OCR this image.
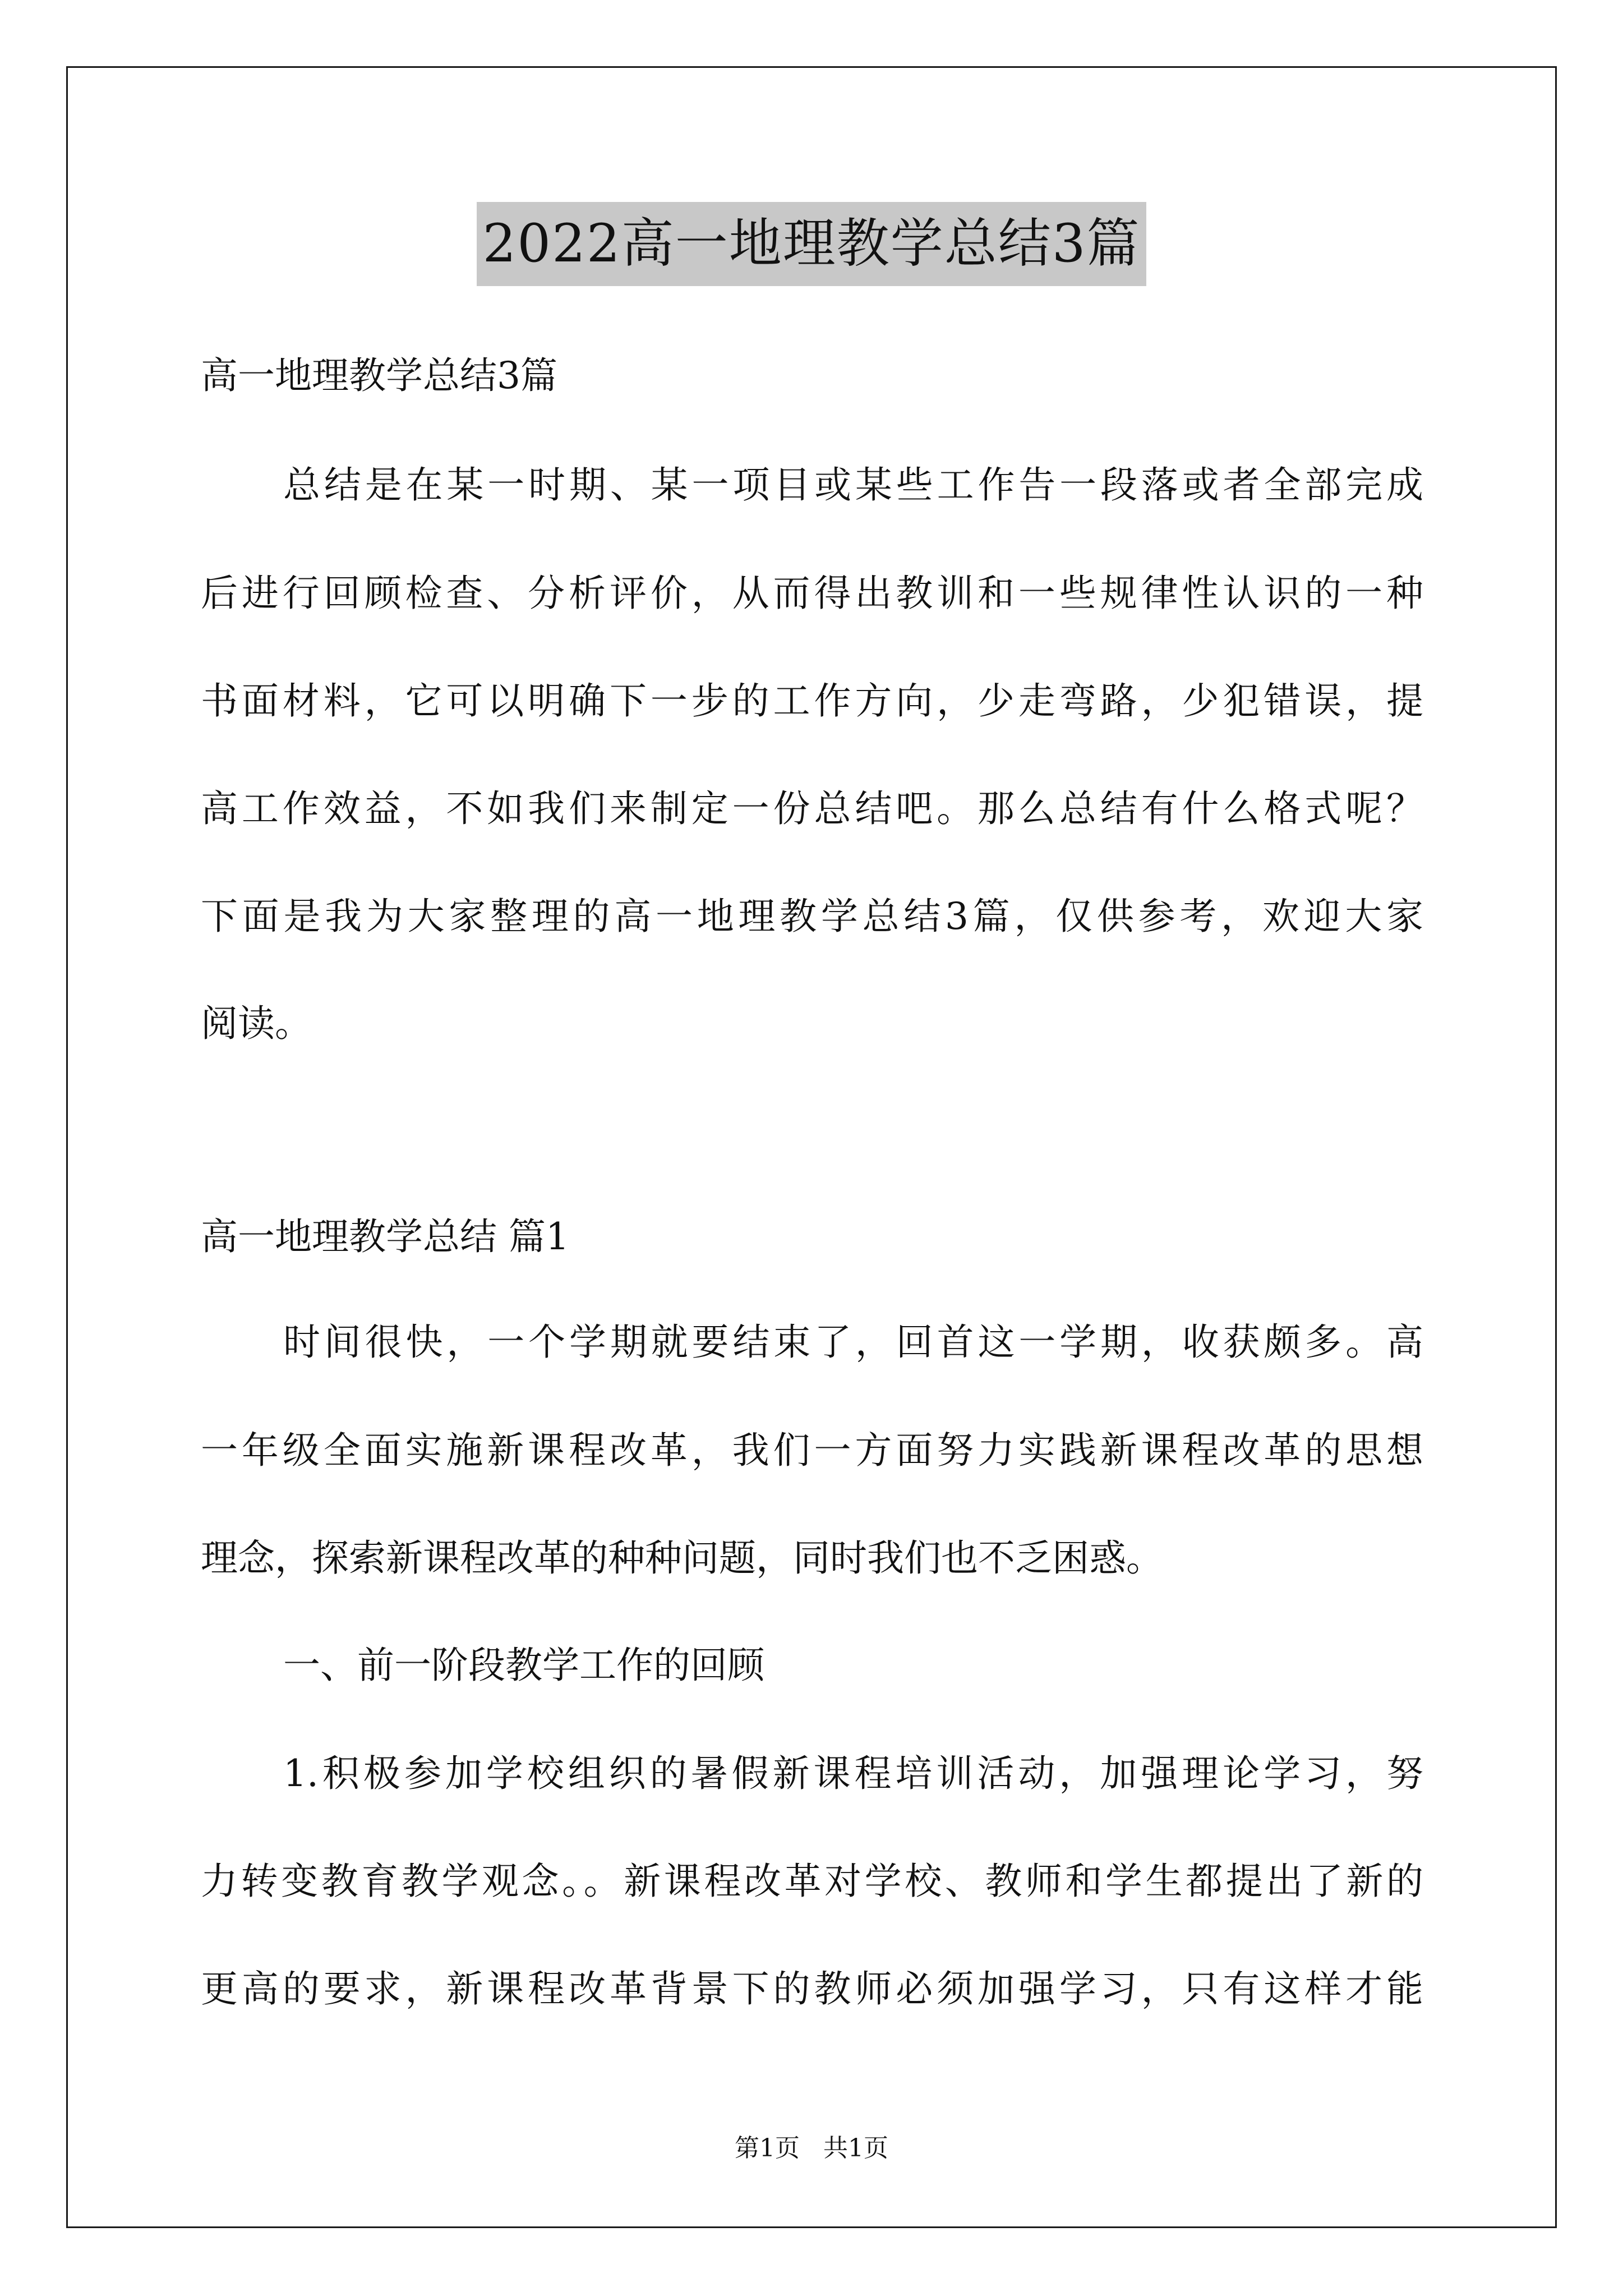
2022高一地理教学总结3篇
高一地理教学总结3篇
总结是在某一时期、某一项目或某些工作告一段落或者全部完成
后进行回顾检查、分析评价，从而得出教训和一些规律性认识的一种
书面材料，它可以明确下一步的工作方向，少走弯路，少犯错误，提
高工作效益，不如我们来制定一份总结吧。那么总结有什么格式呢？
下面是我为大家整理的高一地理教学总结3篇，仅供参考，欢迎大家
阅读。
高一地理教学总结 篇1
时间很快，一个学期就要结束了，回首这一学期，收获颇多。高
一年级全面实施新课程改革，我们一方面努力实践新课程改革的思想
理念，探索新课程改革的种种问题，同时我们也不乏困惑。
一、前一阶段教学工作的回顾
1.积极参加学校组织的暑假新课程培训活动，加强理论学习，努
力转变教育教学观念。。新课程改革对学校、教师和学生都提出了新的
更高的要求，新课程改革背景下的教师必须加强学习，只有这样才能
第1页   共1页
